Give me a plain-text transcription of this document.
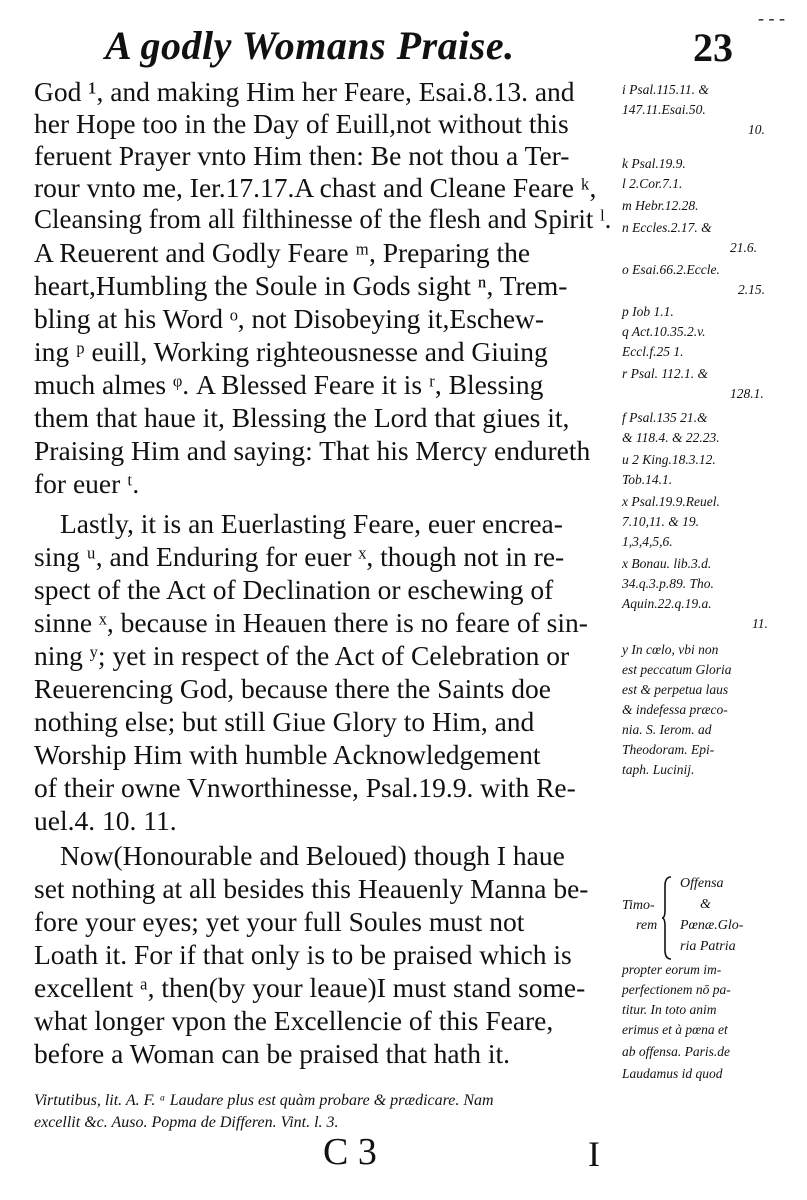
- - -
A godly Womans Praise.	23
God ¹, and making Him her Feare, Esai.8.13. and
her Hope too in the Day of Euill,not without this
feruent Prayer vnto Him then: Be not thou a Ter-
rour vnto me, Ier.17.17.A chast and Cleane Feare ᵏ,
Cleansing from all filthinesse of the flesh and Spirit ˡ.
A Reuerent and Godly Feare ᵐ, Preparing the
heart,Humbling the Soule in Gods sight ⁿ, Trem-
bling at his Word ᵒ, not Disobeying it,Eschew-
ing ᵖ euill, Working righteousnesse and Giuing
much almes ᵠ. A Blessed Feare it is ʳ, Blessing
them that haue it, Blessing the Lord that giues it,
Praising Him and saying: That his Mercy endureth
for euer ᵗ.
Lastly, it is an Euerlasting Feare, euer encrea-
sing ᵘ, and Enduring for euer ˣ, though not in re-
spect of the Act of Declination or eschewing of
sinne ˣ, because in Heauen there is no feare of sin-
ning ʸ; yet in respect of the Act of Celebration or
Reuerencing God, because there the Saints doe
nothing else; but still Giue Glory to Him, and
Worship Him with humble Acknowledgement
of their owne Vnworthinesse, Psal.19.9. with Re-
uel.4. 10. 11.
Now(Honourable and Beloued) though I haue
set nothing at all besides this Heauenly Manna be-
fore your eyes; yet your full Soules must not
Loath it. For if that only is to be praised which is
excellent ᵃ, then(by your leaue)I must stand some-
what longer vpon the Excellencie of this Feare,
before a Woman can be praised that hath it.
i Psal.115.11. &
147.11.Esai.50.
10.
k Psal.19.9.
l 2.Cor.7.1.
m Hebr.12.28.
n Eccles.2.17. &
21.6.
o Esai.66.2.Eccle.
2.15.
p Iob 1.1.
q Act.10.35.2.v.
Eccl.f.25 1.
r Psal. 112.1. &
128.1.
f Psal.135 21.&
& 118.4. & 22.23.
u 2 King.18.3.12.
Tob.14.1.
x Psal.19.9.Reuel.
7.10,11. & 19.
1,3,4,5,6.
x Bonau. lib.3.d.
34.q.3.p.89. Tho.
Aquin.22.q.19.a.
11.
y In cœlo, vbi non
est peccatum Gloria
est & perpetua laus
& indefessa præco-
nia. S. Ierom. ad
Theodoram. Epi-
taph. Lucinij.
Timo-
rem
Offensa
&
Pœnæ.Glo-
ria Patria
propter eorum im-
perfectionem nō pa-
titur. In toto anim
erimus et à pœna et
ab offensa. Paris.de
Laudamus id quod
Virtutibus, lit. A. F. ᵃ Laudare plus est quàm probare & prædicare. Nam
excellit &c. Auso. Popma de Differen. Vint. l. 3.
C 3	I
